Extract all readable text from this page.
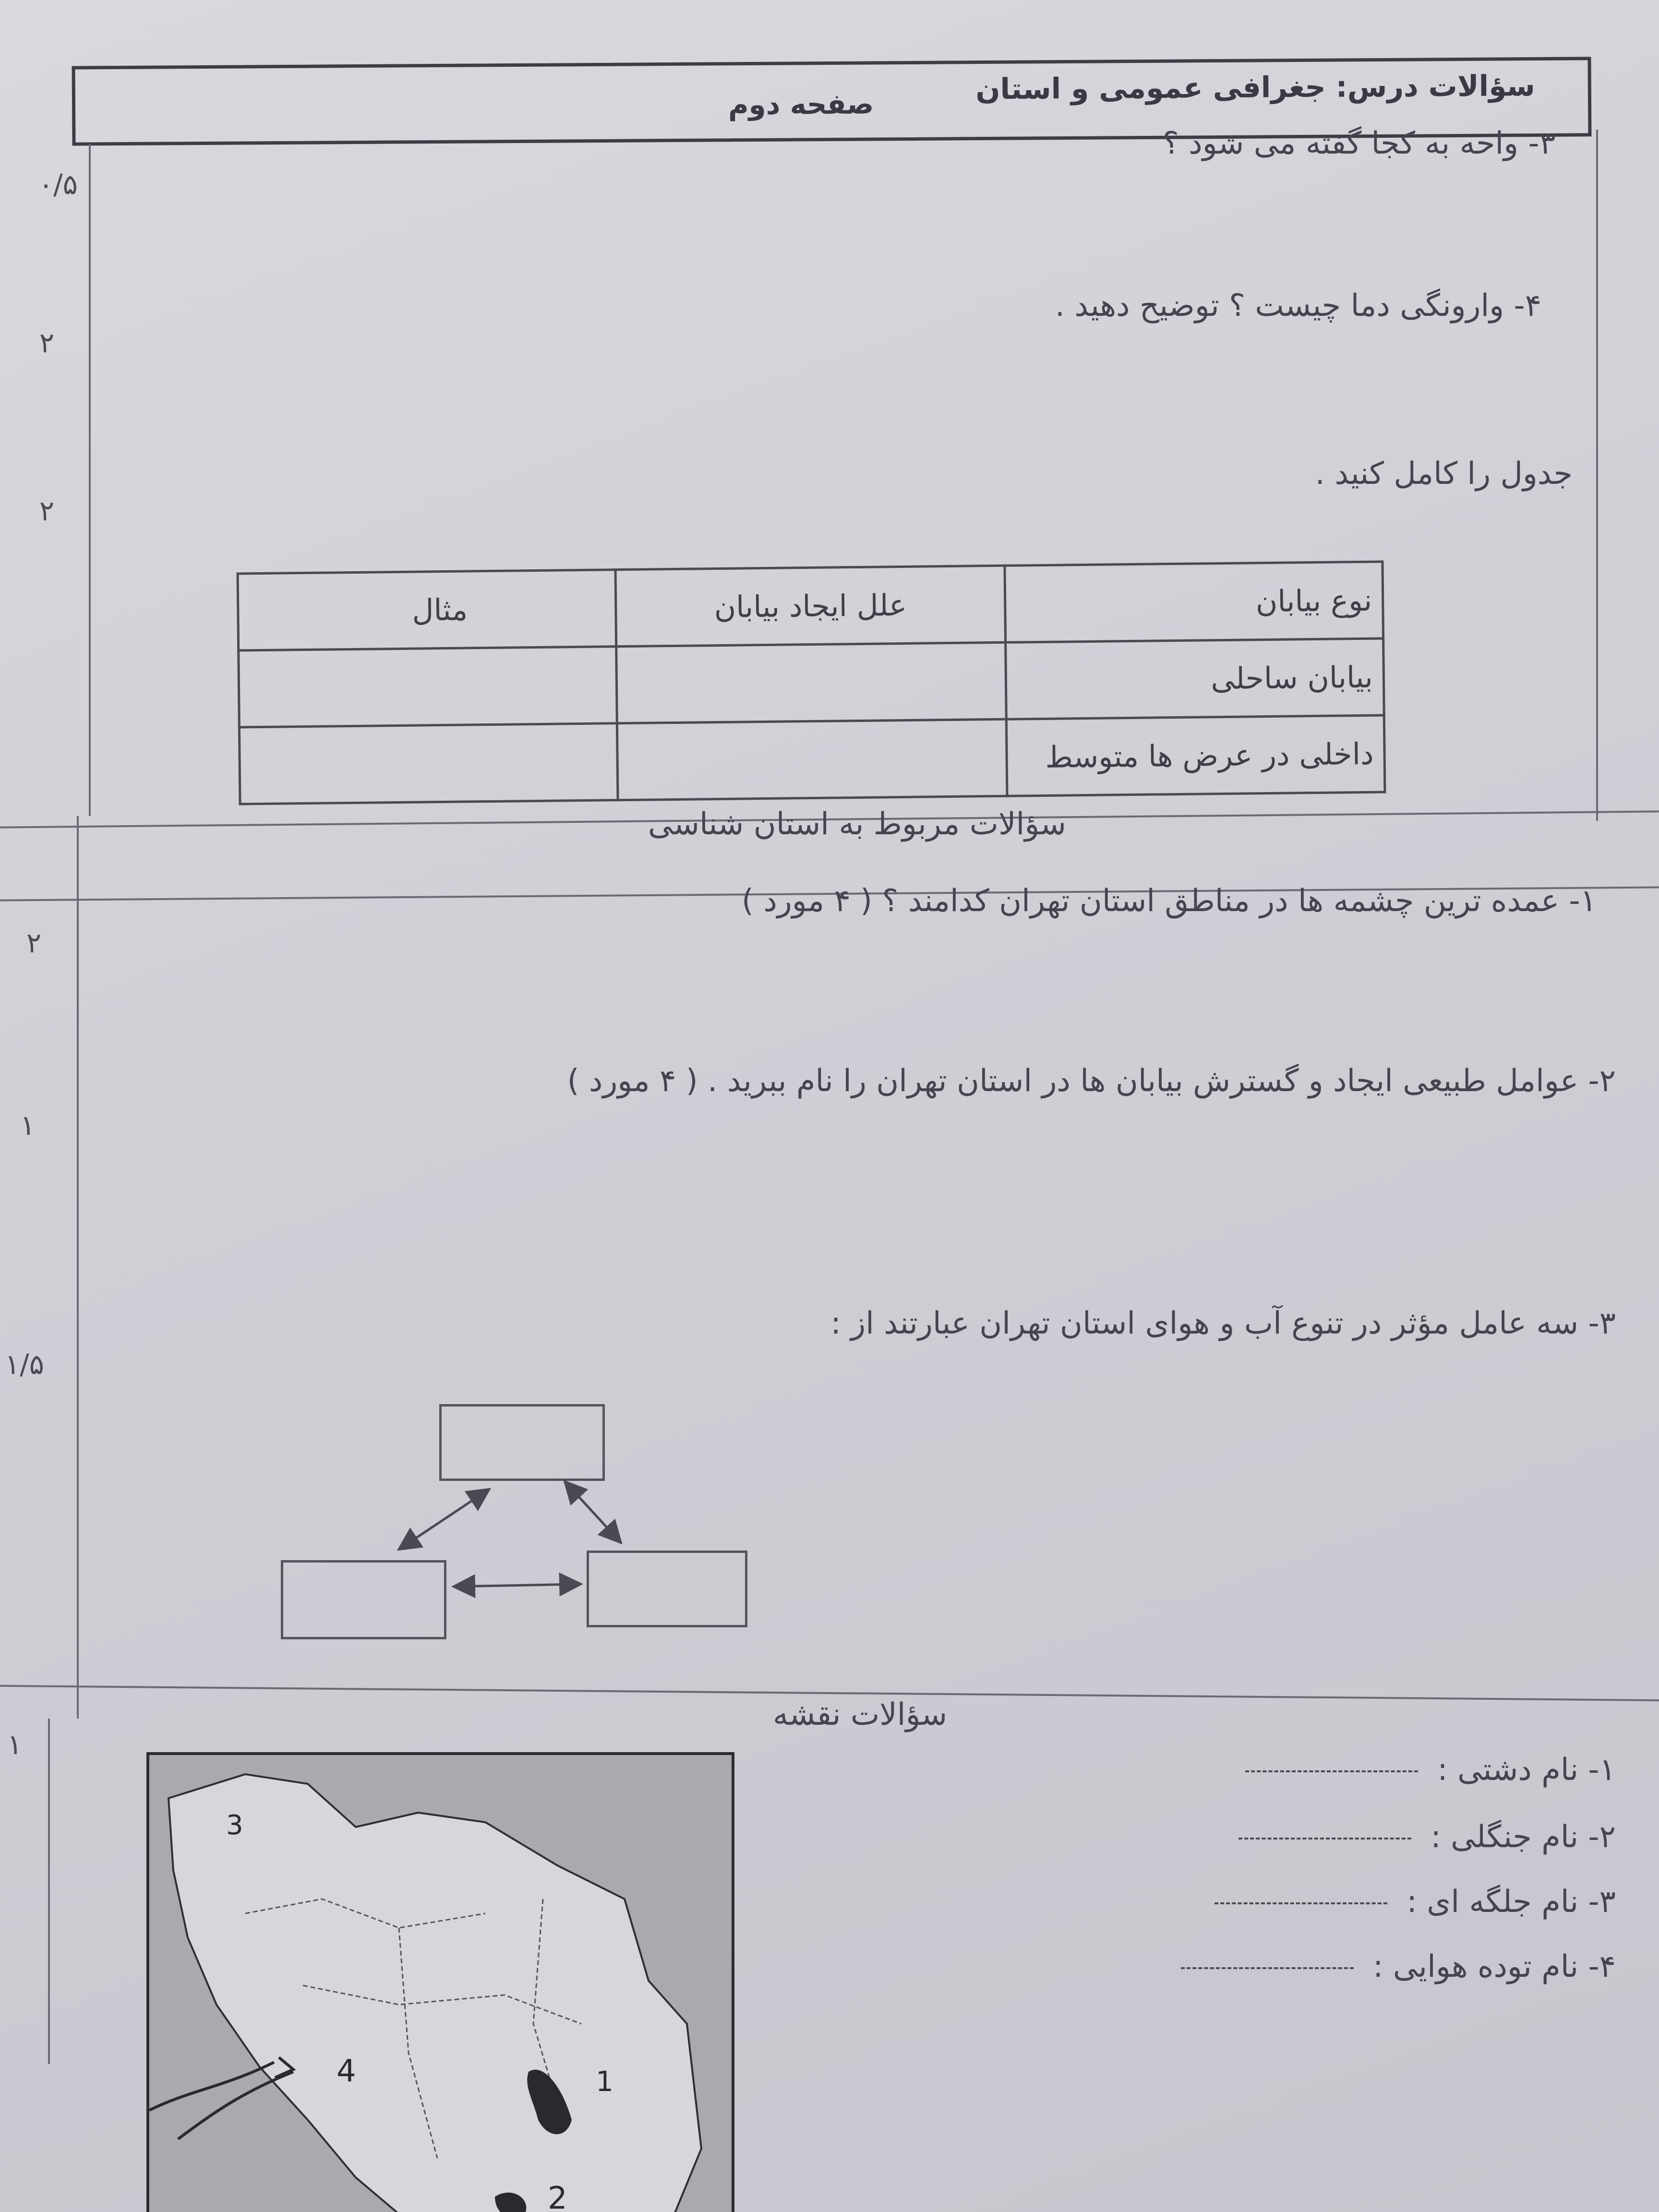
سؤالات درس: جغرافی عمومی و استان
صفحه دوم
۳- واحه به کجا گفته می شود ؟
۰/۵
۴- وارونگی دما چیست ؟ توضیح دهید .
۲
جدول را کامل کنید .
۲
نوع بیابان	علل ایجاد بیابان	مثال
بیابان ساحلی		
داخلی در عرض ها متوسط		
سؤالات مربوط به استان شناسی
۱- عمده ترین چشمه ها در مناطق استان تهران کدامند ؟ ( ۴ مورد )
۲
۲- عوامل طبیعی ایجاد و گسترش بیابان ها در استان تهران را نام ببرید . ( ۴ مورد )
۱
۳- سه عامل مؤثر در تنوع آب و هوای استان تهران عبارتند از :
۱/۵
سؤالات نقشه
۱
۱- نام دشتی :
۲- نام جنگلی :
۳- نام جلگه ای :
۴- نام توده هوایی :
3
4	1
2
